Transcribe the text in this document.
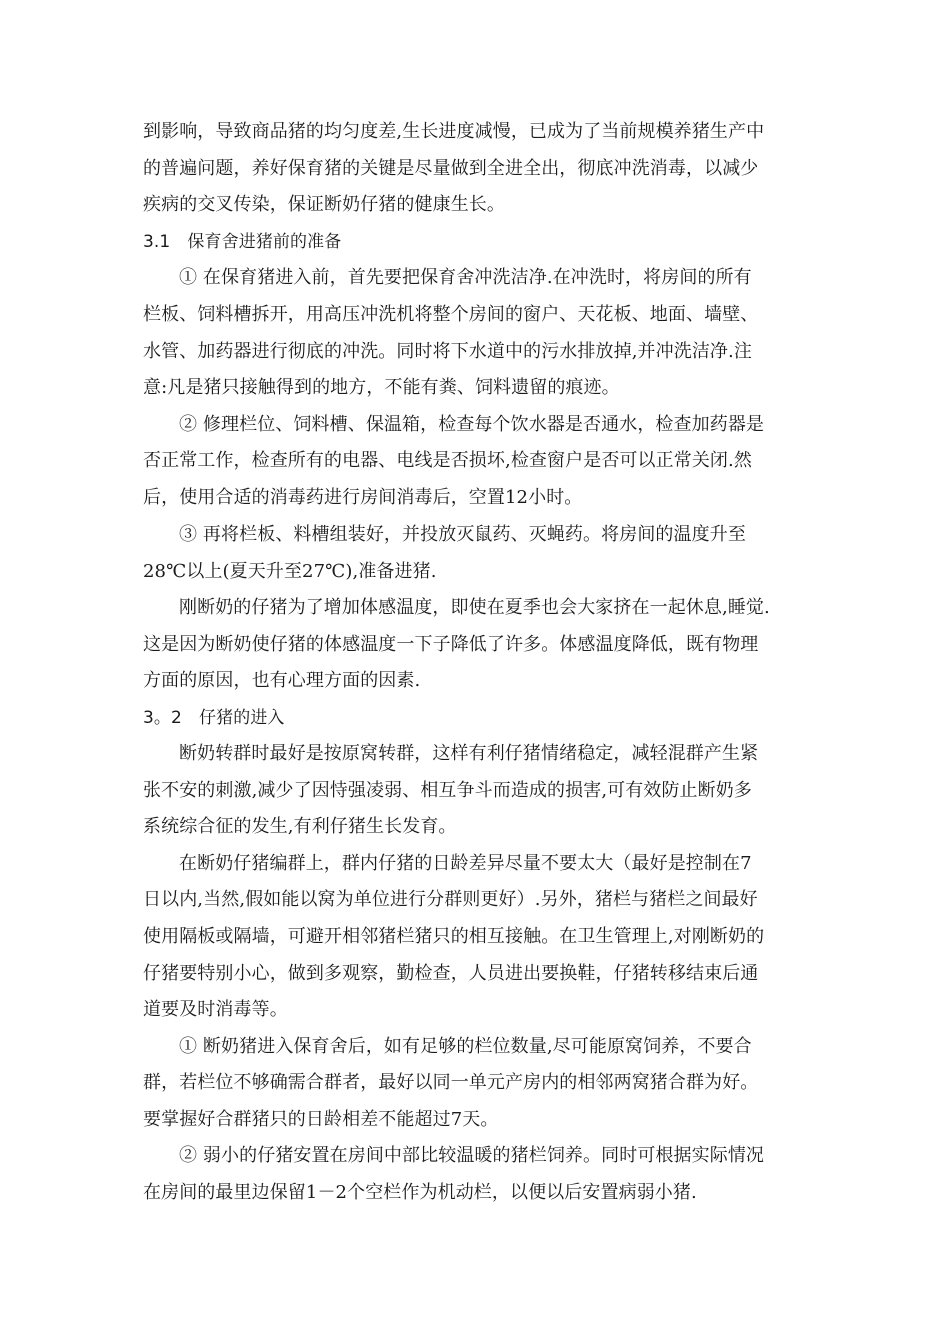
到影响，导致商品猪的均匀度差,生长进度减慢，已成为了当前规模养猪生产中
的普遍问题，养好保育猪的关键是尽量做到全进全出，彻底冲洗消毒，以减少
疾病的交叉传染，保证断奶仔猪的健康生长。
3.1　保育舍进猪前的准备
① 在保育猪进入前，首先要把保育舍冲洗洁净.在冲洗时，将房间的所有
栏板、饲料槽拆开，用高压冲洗机将整个房间的窗户、天花板、地面、墙壁、
水管、加药器进行彻底的冲洗。同时将下水道中的污水排放掉,并冲洗洁净.注
意:凡是猪只接触得到的地方，不能有粪、饲料遗留的痕迹。
② 修理栏位、饲料槽、保温箱，检查每个饮水器是否通水，检查加药器是
否正常工作，检查所有的电器、电线是否损坏,检查窗户是否可以正常关闭.然
后，使用合适的消毒药进行房间消毒后，空置12小时。
③ 再将栏板、料槽组装好，并投放灭鼠药、灭蝇药。将房间的温度升至
28℃以上(夏天升至27℃),准备进猪.
刚断奶的仔猪为了增加体感温度，即使在夏季也会大家挤在一起休息,睡觉.
这是因为断奶使仔猪的体感温度一下子降低了许多。体感温度降低，既有物理
方面的原因，也有心理方面的因素.
3。2　仔猪的进入
断奶转群时最好是按原窝转群，这样有利仔猪情绪稳定，减轻混群产生紧
张不安的刺激,减少了因恃强凌弱、相互争斗而造成的损害,可有效防止断奶多
系统综合征的发生,有利仔猪生长发育。
在断奶仔猪编群上，群内仔猪的日龄差异尽量不要太大（最好是控制在7
日以内,当然,假如能以窝为单位进行分群则更好）.另外，猪栏与猪栏之间最好
使用隔板或隔墙，可避开相邻猪栏猪只的相互接触。在卫生管理上,对刚断奶的
仔猪要特别小心，做到多观察，勤检查，人员进出要换鞋，仔猪转移结束后通
道要及时消毒等。
① 断奶猪进入保育舍后，如有足够的栏位数量,尽可能原窝饲养，不要合
群，若栏位不够确需合群者，最好以同一单元产房内的相邻两窝猪合群为好。
要掌握好合群猪只的日龄相差不能超过7天。
② 弱小的仔猪安置在房间中部比较温暖的猪栏饲养。同时可根据实际情况
在房间的最里边保留1－2个空栏作为机动栏，以便以后安置病弱小猪.
